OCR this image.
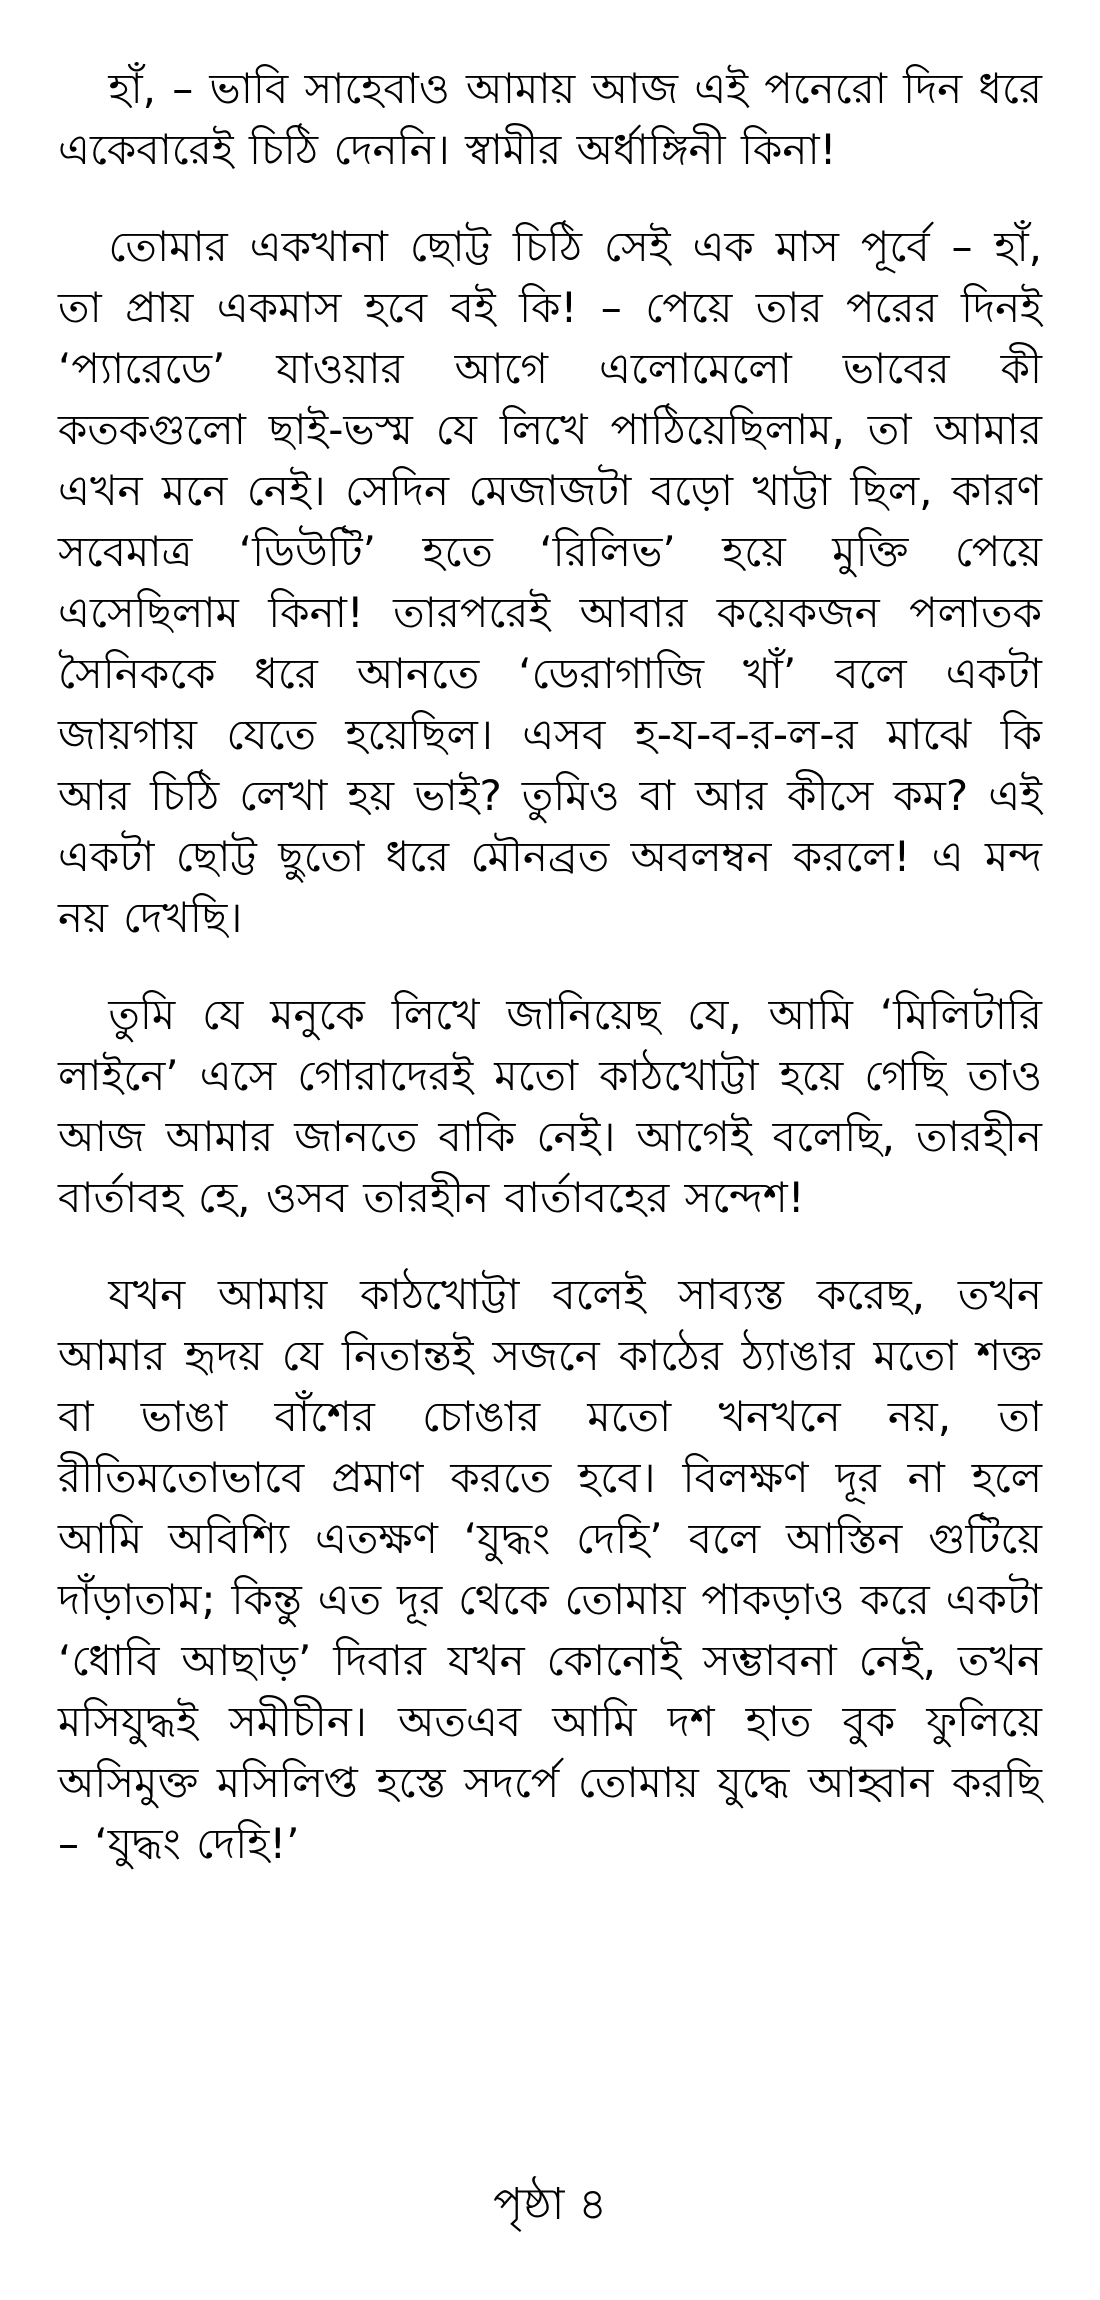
হাঁ, – ভাবি সাহেবাও আমায় আজ এই পনেরো দিন ধরে একেবারেই চিঠি দেননি। স্বামীর অর্ধাঙ্গিনী কিনা!

তোমার একখানা ছোট্ট চিঠি সেই এক মাস পূর্বে – হাঁ, তা প্রায় একমাস হবে বই কি! – পেয়ে তার পরের দিনই ‘প্যারেডে’ যাওয়ার আগে এলোমেলো ভাবের কী কতকগুলো ছাই-ভস্ম যে লিখে পাঠিয়েছিলাম, তা আমার এখন মনে নেই। সেদিন মেজাজটা বড়ো খাট্টা ছিল, কারণ সবেমাত্র ‘ডিউটি’ হতে ‘রিলিভ’ হয়ে মুক্তি পেয়ে এসেছিলাম কিনা! তারপরেই আবার কয়েকজন পলাতক সৈনিককে ধরে আনতে ‘ডেরাগাজি খাঁ’ বলে একটা জায়গায় যেতে হয়েছিল। এসব হ-য-ব-র-ল-র মাঝে কি আর চিঠি লেখা হয় ভাই? তুমিও বা আর কীসে কম? এই একটা ছোট্ট ছুতো ধরে মৌনব্রত অবলম্বন করলে! এ মন্দ নয় দেখছি।

তুমি যে মনুকে লিখে জানিয়েছ যে, আমি ‘মিলিটারি লাইনে’ এসে গোরাদেরই মতো কাঠখোট্টা হয়ে গেছি তাও আজ আমার জানতে বাকি নেই। আগেই বলেছি, তারহীন বার্তাবহ হে, ওসব তারহীন বার্তাবহের সন্দেশ!

যখন আমায় কাঠখোট্টা বলেই সাব্যস্ত করেছ, তখন আমার হৃদয় যে নিতান্তই সজনে কাঠের ঠ্যাঙার মতো শক্ত বা ভাঙা বাঁশের চোঙার মতো খনখনে নয়, তা রীতিমতোভাবে প্রমাণ করতে হবে। বিলক্ষণ দূর না হলে আমি অবিশ্যি এতক্ষণ ‘যুদ্ধং দেহি’ বলে আস্তিন গুটিয়ে দাঁড়াতাম; কিন্তু এত দূর থেকে তোমায় পাকড়াও করে একটা ‘ধোবি আছাড়’ দিবার যখন কোনোই সম্ভাবনা নেই, তখন মসিযুদ্ধই সমীচীন। অতএব আমি দশ হাত বুক ফুলিয়ে অসিমুক্ত মসিলিপ্ত হস্তে সদর্পে তোমায় যুদ্ধে আহ্বান করছি – ‘যুদ্ধং দেহি!’

পৃষ্ঠা ৪
